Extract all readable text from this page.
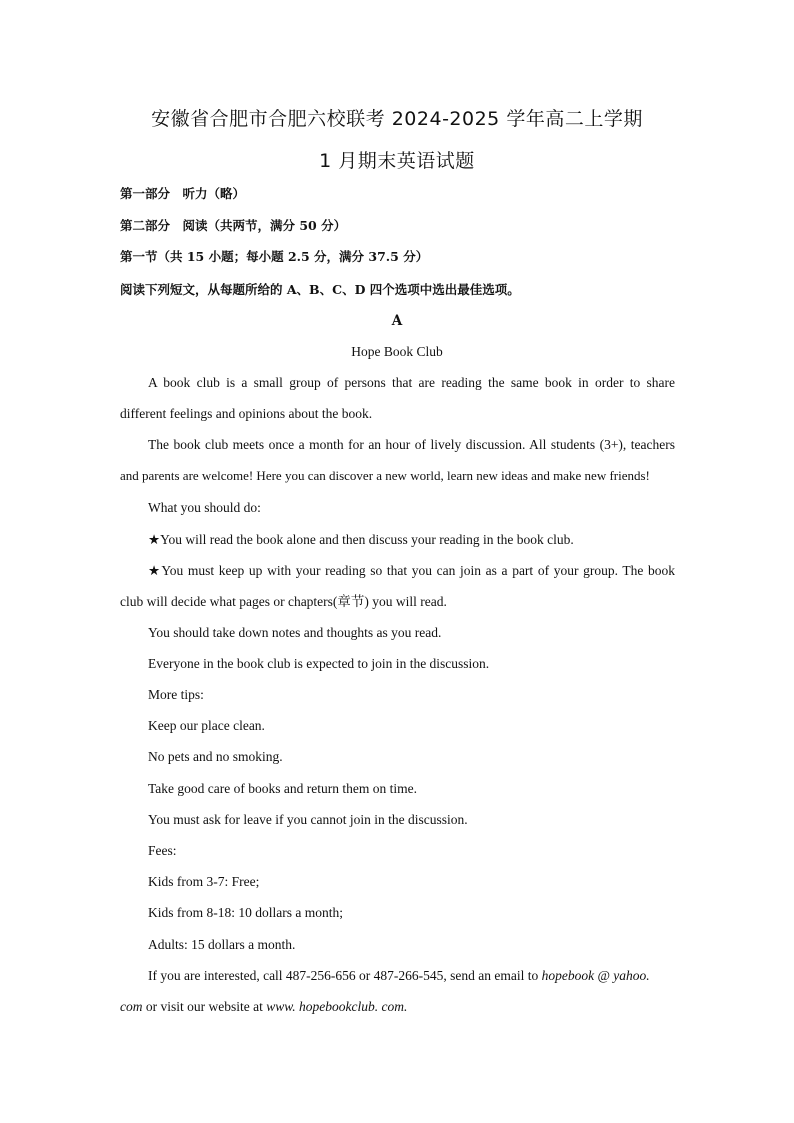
安徽省合肥市合肥六校联考 2024-2025 学年高二上学期
1 月期末英语试题
第一部分　听力（略）
第二部分　阅读（共两节，满分 50 分）
第一节（共 15 小题；每小题 2.5 分，满分 37.5 分）
阅读下列短文，从每题所给的 A、B、C、D 四个选项中选出最佳选项。
A
Hope Book Club
A book club is a small group of persons that are reading the same book in order to share
different feelings and opinions about the book.
The book club meets once a month for an hour of lively discussion. All students (3+), teachers
and parents are welcome! Here you can discover a new world, learn new ideas and make new friends!
What you should do:
★You will read the book alone and then discuss your reading in the book club.
★You must keep up with your reading so that you can join as a part of your group. The book
club will decide what pages or chapters(章节) you will read.
You should take down notes and thoughts as you read.
Everyone in the book club is expected to join in the discussion.
More tips:
Keep our place clean.
No pets and no smoking.
Take good care of books and return them on time.
You must ask for leave if you cannot join in the discussion.
Fees:
Kids from 3-7: Free;
Kids from 8-18: 10 dollars a month;
Adults: 15 dollars a month.
If you are interested, call 487-256-656 or 487-266-545, send an email to hopebook @ yahoo.
com or visit our website at www. hopebookclub. com.
